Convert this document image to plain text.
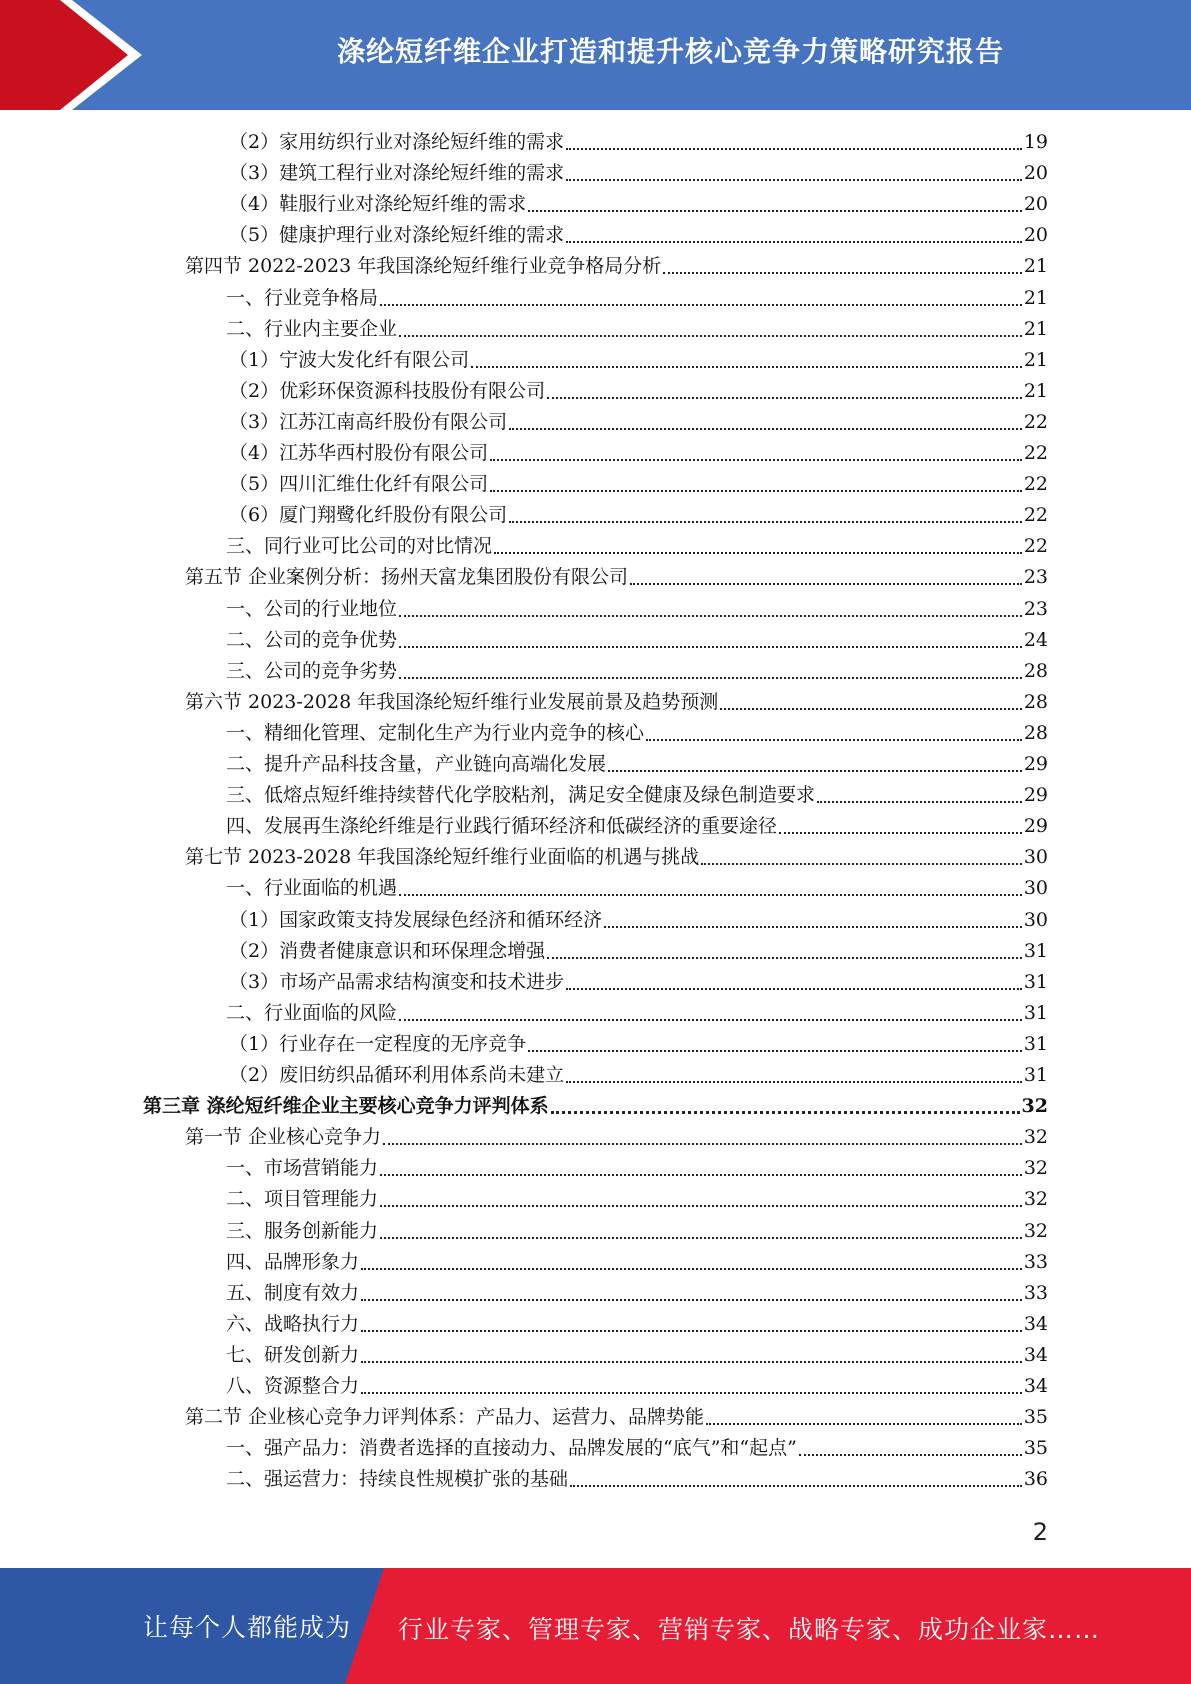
涤纶短纤维企业打造和提升核心竞争力策略研究报告
（2）家用纺织行业对涤纶短纤维的需求	19
（3）建筑工程行业对涤纶短纤维的需求	20
（4）鞋服行业对涤纶短纤维的需求	20
（5）健康护理行业对涤纶短纤维的需求	20
第四节 2022-2023 年我国涤纶短纤维行业竞争格局分析	21
一、行业竞争格局	21
二、行业内主要企业	21
（1）宁波大发化纤有限公司	21
（2）优彩环保资源科技股份有限公司	21
（3）江苏江南高纤股份有限公司	22
（4）江苏华西村股份有限公司	22
（5）四川汇维仕化纤有限公司	22
（6）厦门翔鹭化纤股份有限公司	22
三、同行业可比公司的对比情况	22
第五节 企业案例分析：扬州天富龙集团股份有限公司	23
一、公司的行业地位	23
二、公司的竞争优势	24
三、公司的竞争劣势	28
第六节 2023-2028 年我国涤纶短纤维行业发展前景及趋势预测	28
一、精细化管理、定制化生产为行业内竞争的核心	28
二、提升产品科技含量，产业链向高端化发展	29
三、低熔点短纤维持续替代化学胶粘剂，满足安全健康及绿色制造要求	29
四、发展再生涤纶纤维是行业践行循环经济和低碳经济的重要途径	29
第七节 2023-2028 年我国涤纶短纤维行业面临的机遇与挑战	30
一、行业面临的机遇	30
（1）国家政策支持发展绿色经济和循环经济	30
（2）消费者健康意识和环保理念增强	31
（3）市场产品需求结构演变和技术进步	31
二、行业面临的风险	31
（1）行业存在一定程度的无序竞争	31
（2）废旧纺织品循环利用体系尚未建立	31
第三章 涤纶短纤维企业主要核心竞争力评判体系	32
第一节 企业核心竞争力	32
一、市场营销能力	32
二、项目管理能力	32
三、服务创新能力	32
四、品牌形象力	33
五、制度有效力	33
六、战略执行力	34
七、研发创新力	34
八、资源整合力	34
第二节 企业核心竞争力评判体系：产品力、运营力、品牌势能	35
一、强产品力：消费者选择的直接动力、品牌发展的“底气”和“起点”	35
二、强运营力：持续良性规模扩张的基础	36
2
让每个人都能成为 行业专家、管理专家、营销专家、战略专家、成功企业家……
